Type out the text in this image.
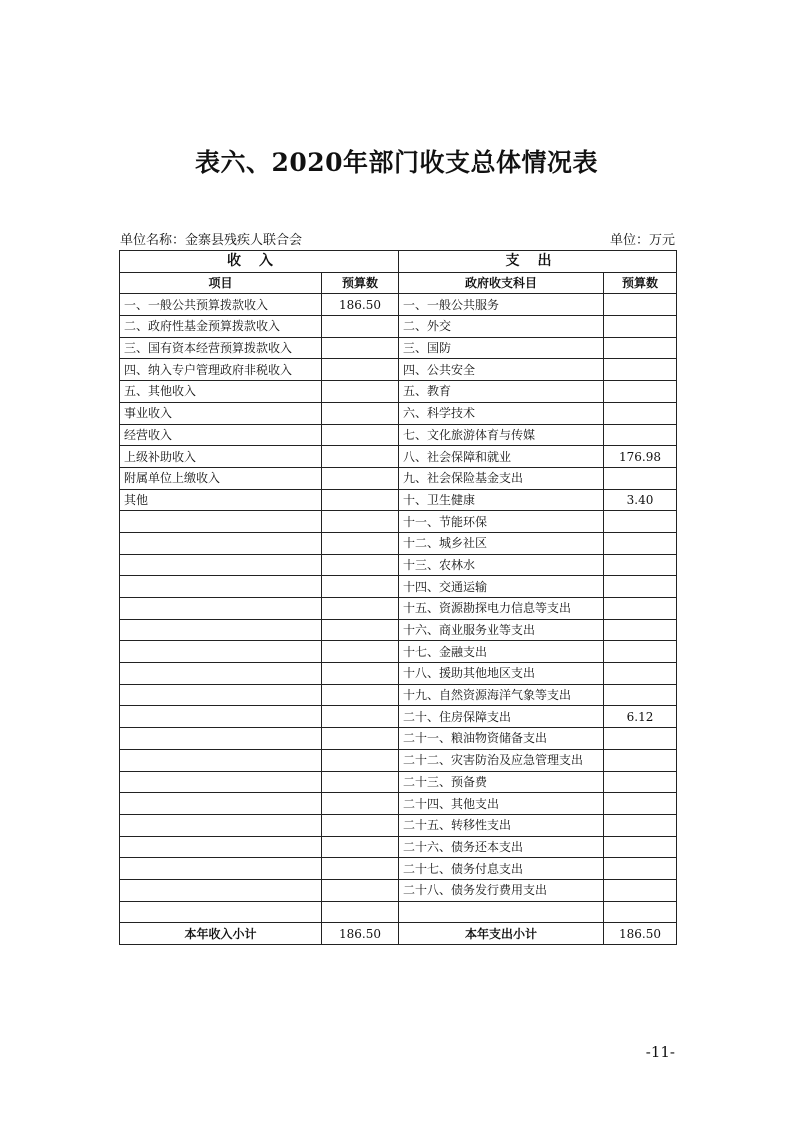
表六、2020年部门收支总体情况表
单位名称：金寨县残疾人联合会	单位：万元
收入		支出	
项目	预算数	政府收支科目	预算数
一、一般公共预算拨款收入	186.50	一、一般公共服务	
二、政府性基金预算拨款收入		二、外交	
三、国有资本经营预算拨款收入		三、国防	
四、纳入专户管理政府非税收入		四、公共安全	
五、其他收入		五、教育	
事业收入		六、科学技术	
经营收入		七、文化旅游体育与传媒	
上级补助收入		八、社会保障和就业	176.98
附属单位上缴收入		九、社会保险基金支出	
其他		十、卫生健康	3.40
		十一、节能环保	
		十二、城乡社区	
		十三、农林水	
		十四、交通运输	
		十五、资源勘探电力信息等支出	
		十六、商业服务业等支出	
		十七、金融支出	
		十八、援助其他地区支出	
		十九、自然资源海洋气象等支出	
		二十、住房保障支出	6.12
		二十一、粮油物资储备支出	
		二十二、灾害防治及应急管理支出	
		二十三、预备费	
		二十四、其他支出	
		二十五、转移性支出	
		二十六、债务还本支出	
		二十七、债务付息支出	
		二十八、债务发行费用支出	

本年收入小计	186.50	本年支出小计	186.50
-11-
